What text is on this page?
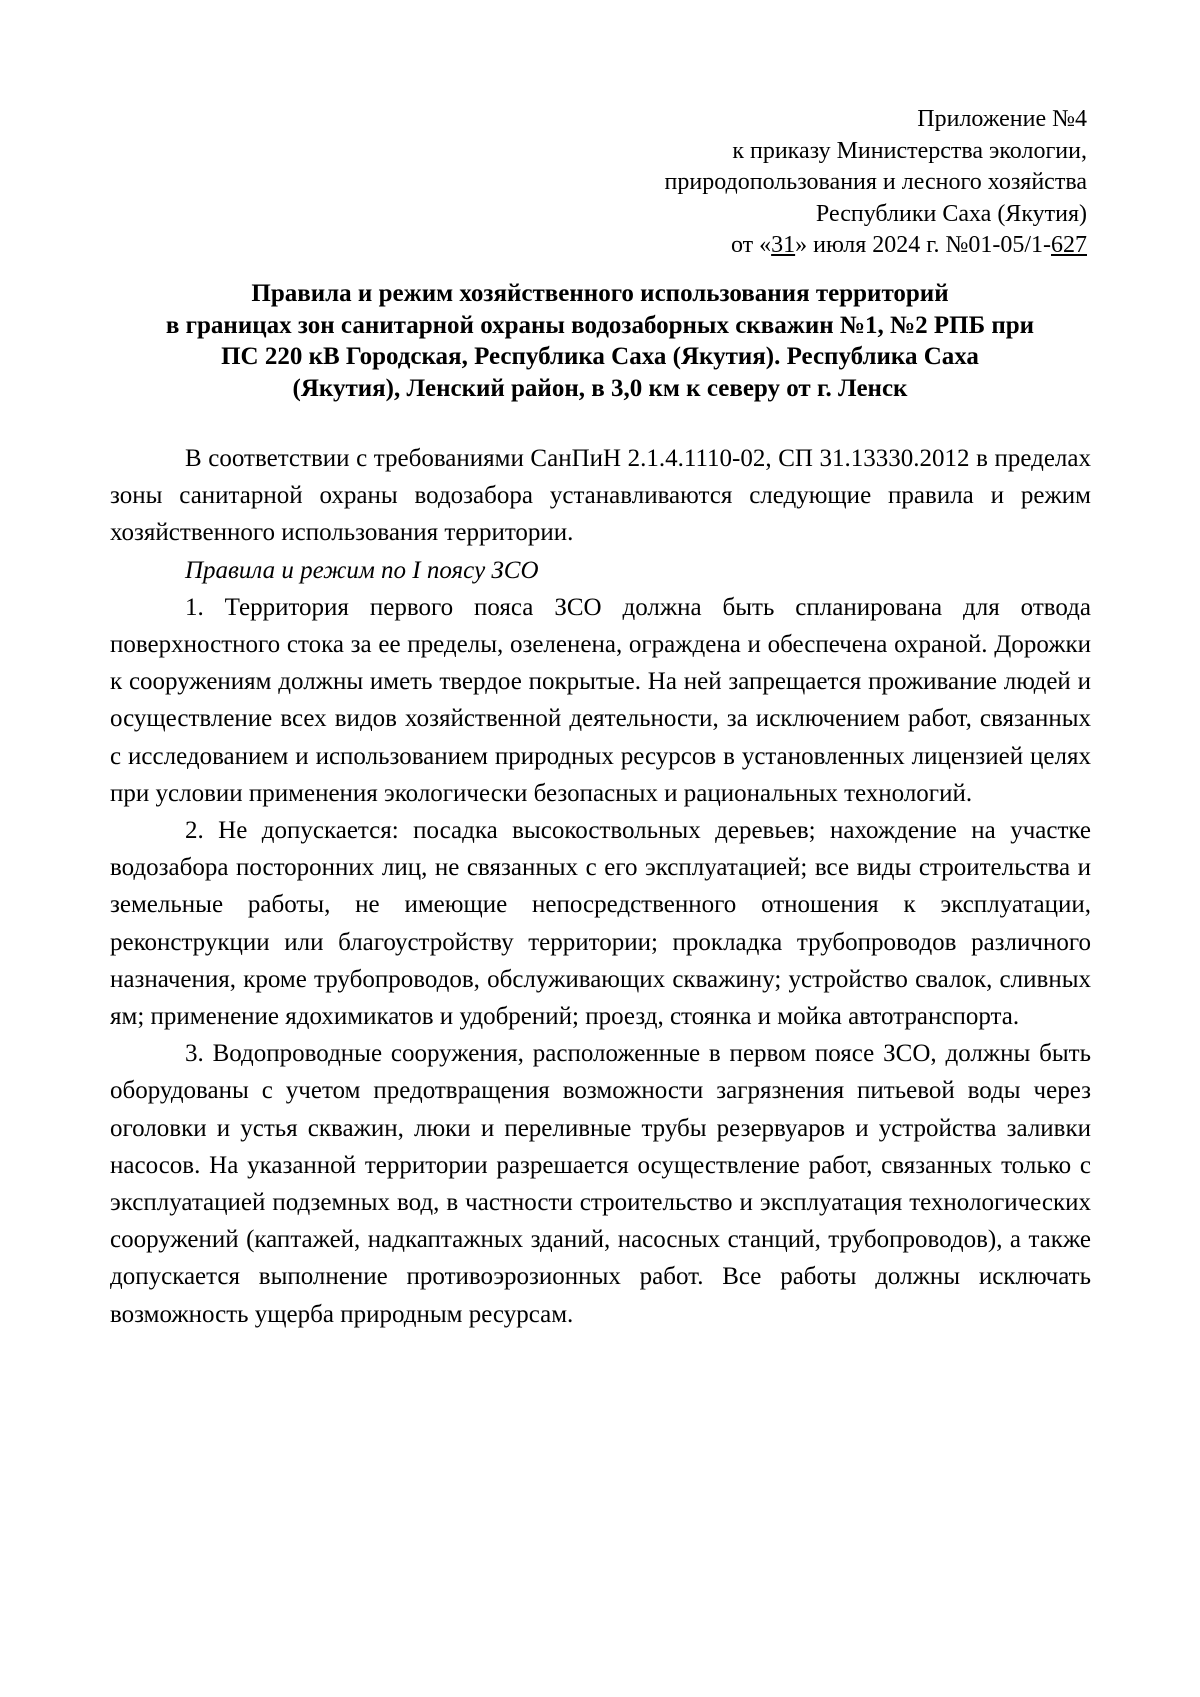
Приложение №4
к приказу Министерства экологии,
природопользования и лесного хозяйства
Республики Саха (Якутия)
от «31» июля 2024 г. №01-05/1-627
Правила и режим хозяйственного использования территорий
в границах зон санитарной охраны водозаборных скважин №1, №2 РПБ при
ПС 220 кВ Городская, Республика Саха (Якутия). Республика Саха
(Якутия), Ленский район, в 3,0 км к северу от г. Ленск

В соответствии с требованиями СанПиН 2.1.4.1110-02, СП 31.13330.2012 в пределах зоны санитарной охраны водозабора устанавливаются следующие правила и режим хозяйственного использования территории.

Правила и режим по I поясу ЗСО

1. Территория первого пояса ЗСО должна быть спланирована для отвода поверхностного стока за ее пределы, озеленена, ограждена и обеспечена охраной. Дорожки к сооружениям должны иметь твердое покрытые. На ней запрещается проживание людей и осуществление всех видов хозяйственной деятельности, за исключением работ, связанных с исследованием и использованием природных ресурсов в установленных лицензией целях при условии применения экологически безопасных и рациональных технологий.

2. Не допускается: посадка высокоствольных деревьев; нахождение на участке водозабора посторонних лиц, не связанных с его эксплуатацией; все виды строительства и земельные работы, не имеющие непосредственного отношения к эксплуатации, реконструкции или благоустройству территории; прокладка трубопроводов различного назначения, кроме трубопроводов, обслуживающих скважину; устройство свалок, сливных ям; применение ядохимикатов и удобрений; проезд, стоянка и мойка автотранспорта.

3. Водопроводные сооружения, расположенные в первом поясе ЗСО, должны быть оборудованы с учетом предотвращения возможности загрязнения питьевой воды через оголовки и устья скважин, люки и переливные трубы резервуаров и устройства заливки насосов. На указанной территории разрешается осуществление работ, связанных только с эксплуатацией подземных вод, в частности строительство и эксплуатация технологических сооружений (каптажей, надкаптажных зданий, насосных станций, трубопроводов), а также допускается выполнение противоэрозионных работ. Все работы должны исключать возможность ущерба природным ресурсам.
